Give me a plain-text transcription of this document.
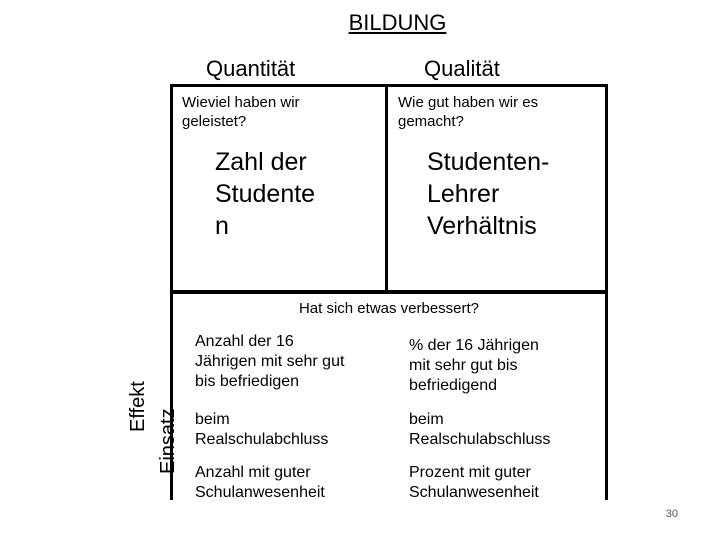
BILDUNG
Quantität	Qualität
Wieviel haben wir
geleistet?
Zahl der
Studente
n
Wie gut haben wir es
gemacht?
Studenten-
Lehrer
Verhältnis
Hat sich etwas verbessert?
Effekt
Einsatz
Anzahl der 16
Jährigen mit sehr gut
bis befriedigen
% der 16 Jährigen
mit sehr gut bis
befriedigend
beim
Realschulabchluss
beim
Realschulabschluss
Anzahl mit guter
Schulanwesenheit
Prozent mit guter
Schulanwesenheit
30
